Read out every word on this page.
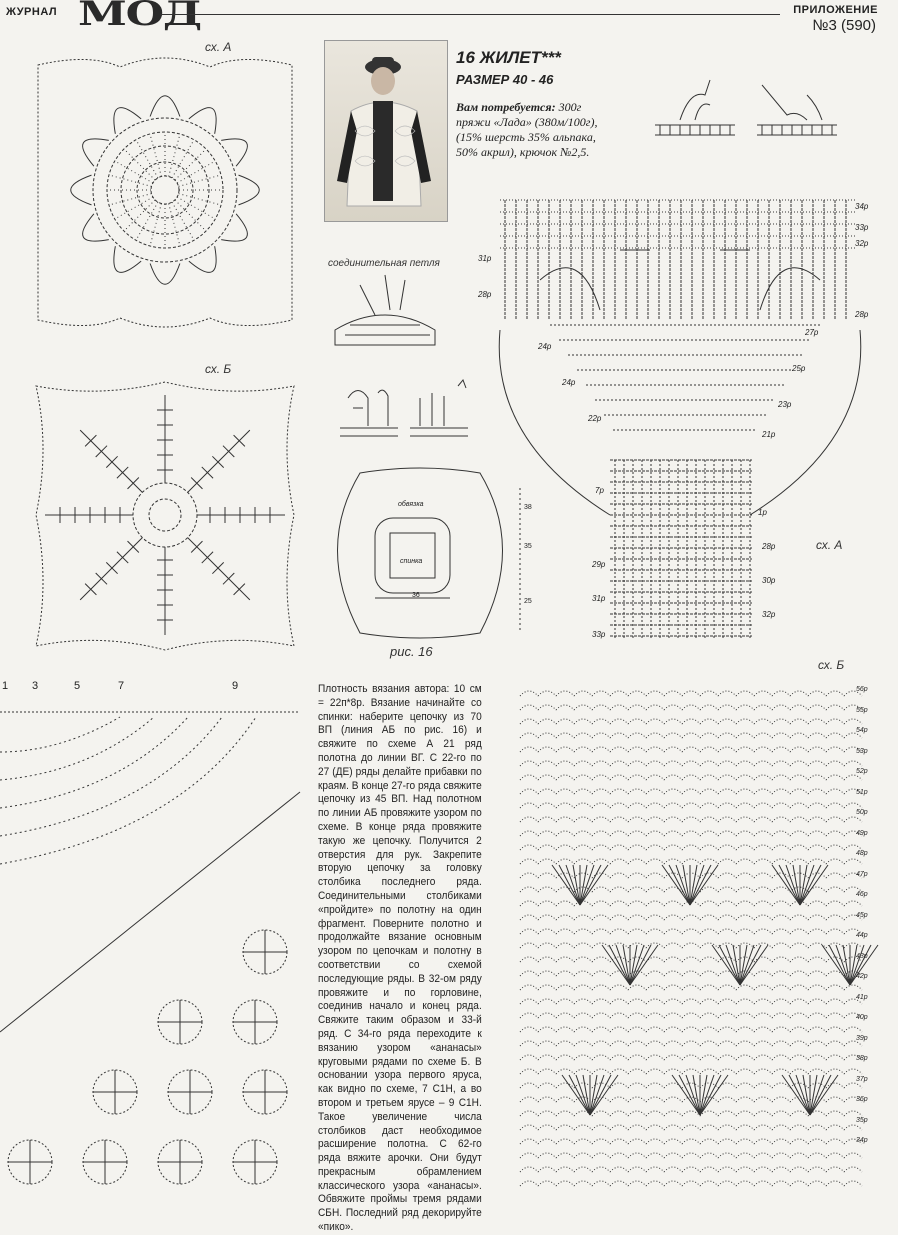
ЖУРНАЛ МОД	ПРИЛОЖЕНИЕ
№3 (590)
сх. А
сх. Б
16 ЖИЛЕТ***
РАЗМЕР 40 - 46
Вам потребуется: 300г пряжи «Лада» (380м/100г), (15% шерсть 35% альпака, 50% акрил), крючок №2,5.
соединительная петля
обвязка
спинка
38
35
25
36
рис. 16
34р
33р
32р
28р
27р
25р
23р
21р
28р
30р
32р
31р
28р
24р
24р
22р
7р
1р
29р
31р
33р
сх. А
сх. Б
56р
55р
54р
53р
52р
51р
50р
49р
48р
47р
46р
45р
44р
43р
42р
41р
40р
39р
38р
37р
36р
35р
34р
1 3	5	7	9	Плотность вязания автора: 10 см = 22п*8р. Вязание начинайте со спинки: наберите цепочку из 70 ВП (линия АБ по рис. 16) и свяжите по схеме А 21 ряд полотна до линии ВГ. С 22-го по 27 (ДЕ) ряды делайте прибавки по краям. В конце 27-го ряда свяжите цепочку из 45 ВП. Над полотном по линии АБ провяжите узором по схеме. В конце ряда провяжите такую же цепочку. Получится 2 отверстия для рук. Закрепите вторую цепочку за головку столбика последнего ряда. Соединительными столбиками «пройдите» по полотну на один фрагмент. Поверните полотно и продолжайте вязание основным узором по цепочкам и полотну в соответствии со схемой последующие ряды. В 32-ом ряду провяжите и по горловине, соединив начало и конец ряда. Свяжите таким образом и 33-й ряд. С 34-го ряда переходите к вязанию узором «ананасы» круговыми рядами по схеме Б. В основании узора первого яруса, как видно по схеме, 7 С1Н, а во втором и третьем ярусе – 9 С1Н. Такое увеличение числа столбиков даст необходимое расширение полотна. С 62-го ряда вяжите арочки. Они будут прекрасным обрамлением классического узора «ананасы». Обвяжите проймы тремя рядами СБН. Последний ряд декорируйте «пико».
